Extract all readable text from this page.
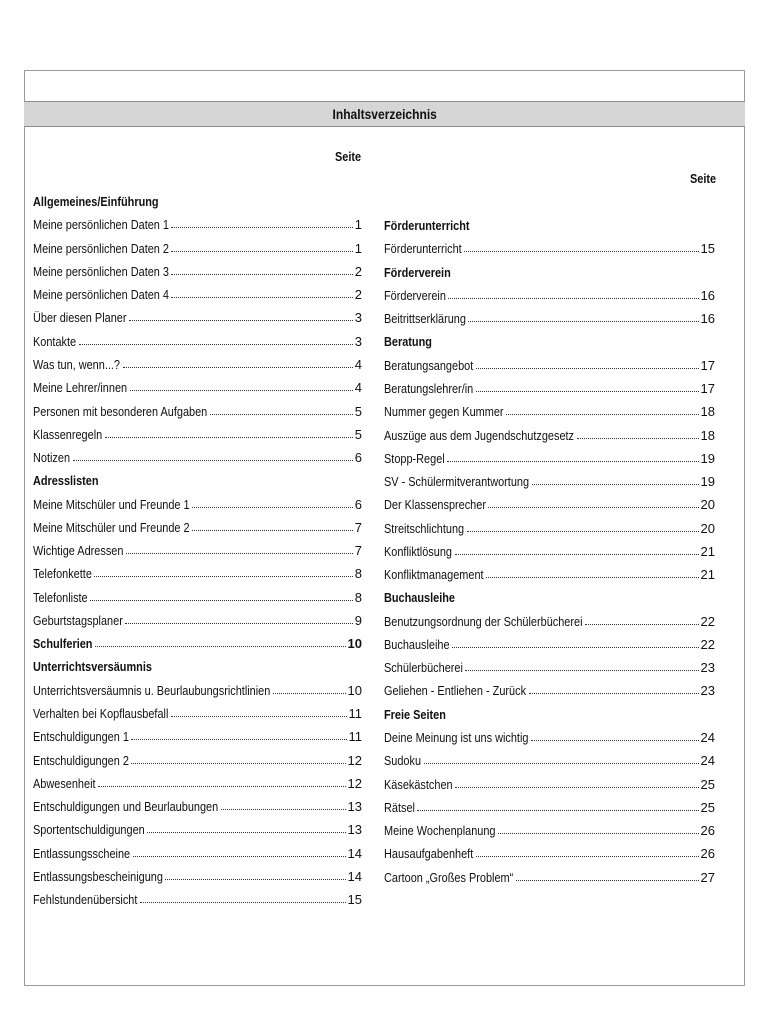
Inhaltsverzeichnis
Seite
Seite
Allgemeines/Einführung
Meine persönlichen Daten 1	1
Meine persönlichen Daten 2	1
Meine persönlichen Daten 3	2
Meine persönlichen Daten 4	2
Über diesen Planer	3
Kontakte	3
Was tun, wenn...?	4
Meine Lehrer/innen	4
Personen mit besonderen Aufgaben	5
Klassenregeln	5
Notizen	6
Adresslisten
Meine Mitschüler und Freunde 1	6
Meine Mitschüler und Freunde 2	7
Wichtige Adressen	7
Telefonkette	8
Telefonliste	8
Geburtstagsplaner	9
Schulferien	10
Unterrichtsversäumnis
Unterrichtsversäumnis u. Beurlaubungsrichtlinien	10
Verhalten bei Kopflausbefall	11
Entschuldigungen 1	11
Entschuldigungen 2	12
Abwesenheit	12
Entschuldigungen und Beurlaubungen	13
Sportentschuldigungen	13
Entlassungsscheine	14
Entlassungsbescheinigung	14
Fehlstundenübersicht	15
Förderunterricht
Förderunterricht	15
Förderverein
Förderverein	16
Beitrittserklärung	16
Beratung
Beratungsangebot	17
Beratungslehrer/in	17
Nummer gegen Kummer	18
Auszüge aus dem Jugendschutzgesetz	18
Stopp-Regel	19
SV - Schülermitverantwortung	19
Der Klassensprecher	20
Streitschlichtung	20
Konfliktlösung	21
Konfliktmanagement	21
Buchausleihe
Benutzungsordnung der Schülerbücherei	22
Buchausleihe	22
Schülerbücherei	23
Geliehen - Entliehen - Zurück	23
Freie Seiten
Deine Meinung ist uns wichtig	24
Sudoku	24
Käsekästchen	25
Rätsel	25
Meine Wochenplanung	26
Hausaufgabenheft	26
Cartoon „Großes Problem“	27
